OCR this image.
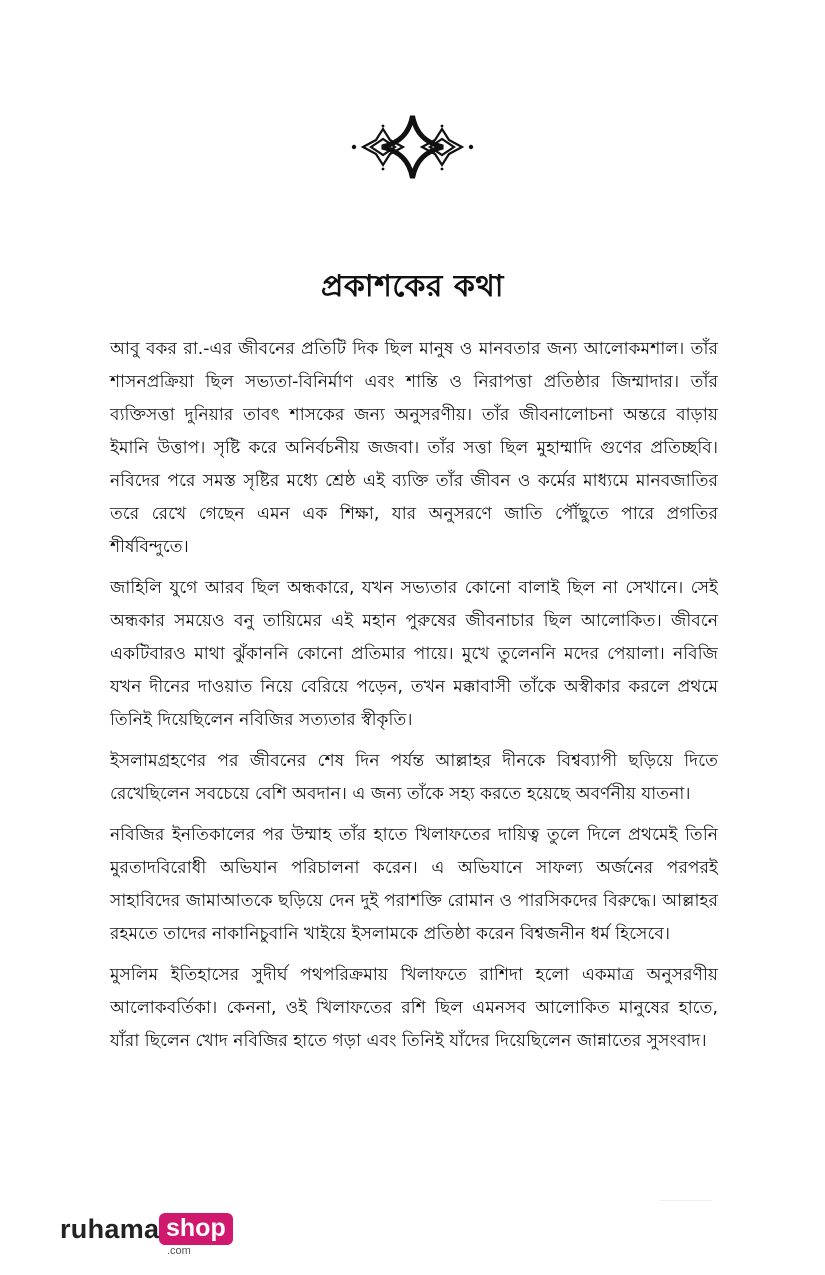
প্রকাশকের কথা

আবু বকর রা.-এর জীবনের প্রতিটি দিক ছিল মানুষ ও মানবতার জন্য আলোকমশাল। তাঁর শাসনপ্রক্রিয়া ছিল সভ্যতা-বিনির্মাণ এবং শান্তি ও নিরাপত্তা প্রতিষ্ঠার জিম্মাদার। তাঁর ব্যক্তিসত্তা দুনিয়ার তাবৎ শাসকের জন্য অনুসরণীয়। তাঁর জীবনালোচনা অন্তরে বাড়ায় ইমানি উত্তাপ। সৃষ্টি করে অনির্বচনীয় জজবা। তাঁর সত্তা ছিল মুহাম্মাদি গুণের প্রতিচ্ছবি। নবিদের পরে সমস্ত সৃষ্টির মধ্যে শ্রেষ্ঠ এই ব্যক্তি তাঁর জীবন ও কর্মের মাধ্যমে মানবজাতির তরে রেখে গেছেন এমন এক শিক্ষা, যার অনুসরণে জাতি পৌঁছুতে পারে প্রগতির শীর্ষবিন্দুতে।

জাহিলি যুগে আরব ছিল অন্ধকারে, যখন সভ্যতার কোনো বালাই ছিল না সেখানে। সেই অন্ধকার সময়েও বনু তায়িমের এই মহান পুরুষের জীবনাচার ছিল আলোকিত। জীবনে একটিবারও মাথা ঝুঁকাননি কোনো প্রতিমার পায়ে। মুখে তুলেননি মদের পেয়ালা। নবিজি যখন দীনের দাওয়াত নিয়ে বেরিয়ে পড়েন, তখন মক্কাবাসী তাঁকে অস্বীকার করলে প্রথমে তিনিই দিয়েছিলেন নবিজির সত্যতার স্বীকৃতি।

ইসলামগ্রহণের পর জীবনের শেষ দিন পর্যন্ত আল্লাহর দীনকে বিশ্বব্যাপী ছড়িয়ে দিতে রেখেছিলেন সবচেয়ে বেশি অবদান। এ জন্য তাঁকে সহ্য করতে হয়েছে অবর্ণনীয় যাতনা।

নবিজির ইনতিকালের পর উম্মাহ তাঁর হাতে খিলাফতের দায়িত্ব তুলে দিলে প্রথমেই তিনি মুরতাদবিরোধী অভিযান পরিচালনা করেন। এ অভিযানে সাফল্য অর্জনের পরপরই সাহাবিদের জামাআতকে ছড়িয়ে দেন দুই পরাশক্তি রোমান ও পারসিকদের বিরুদ্ধে। আল্লাহর রহমতে তাদের নাকানিচুবানি খাইয়ে ইসলামকে প্রতিষ্ঠা করেন বিশ্বজনীন ধর্ম হিসেবে।

মুসলিম ইতিহাসের সুদীর্ঘ পথপরিক্রমায় খিলাফতে রাশিদা হলো একমাত্র অনুসরণীয় আলোকবর্তিকা। কেননা, ওই খিলাফতের রশি ছিল এমনসব আলোকিত মানুষের হাতে, যাঁরা ছিলেন খোদ নবিজির হাতে গড়া এবং তিনিই যাঁদের দিয়েছিলেন জান্নাতের সুসংবাদ।

ruhama shop
.com
